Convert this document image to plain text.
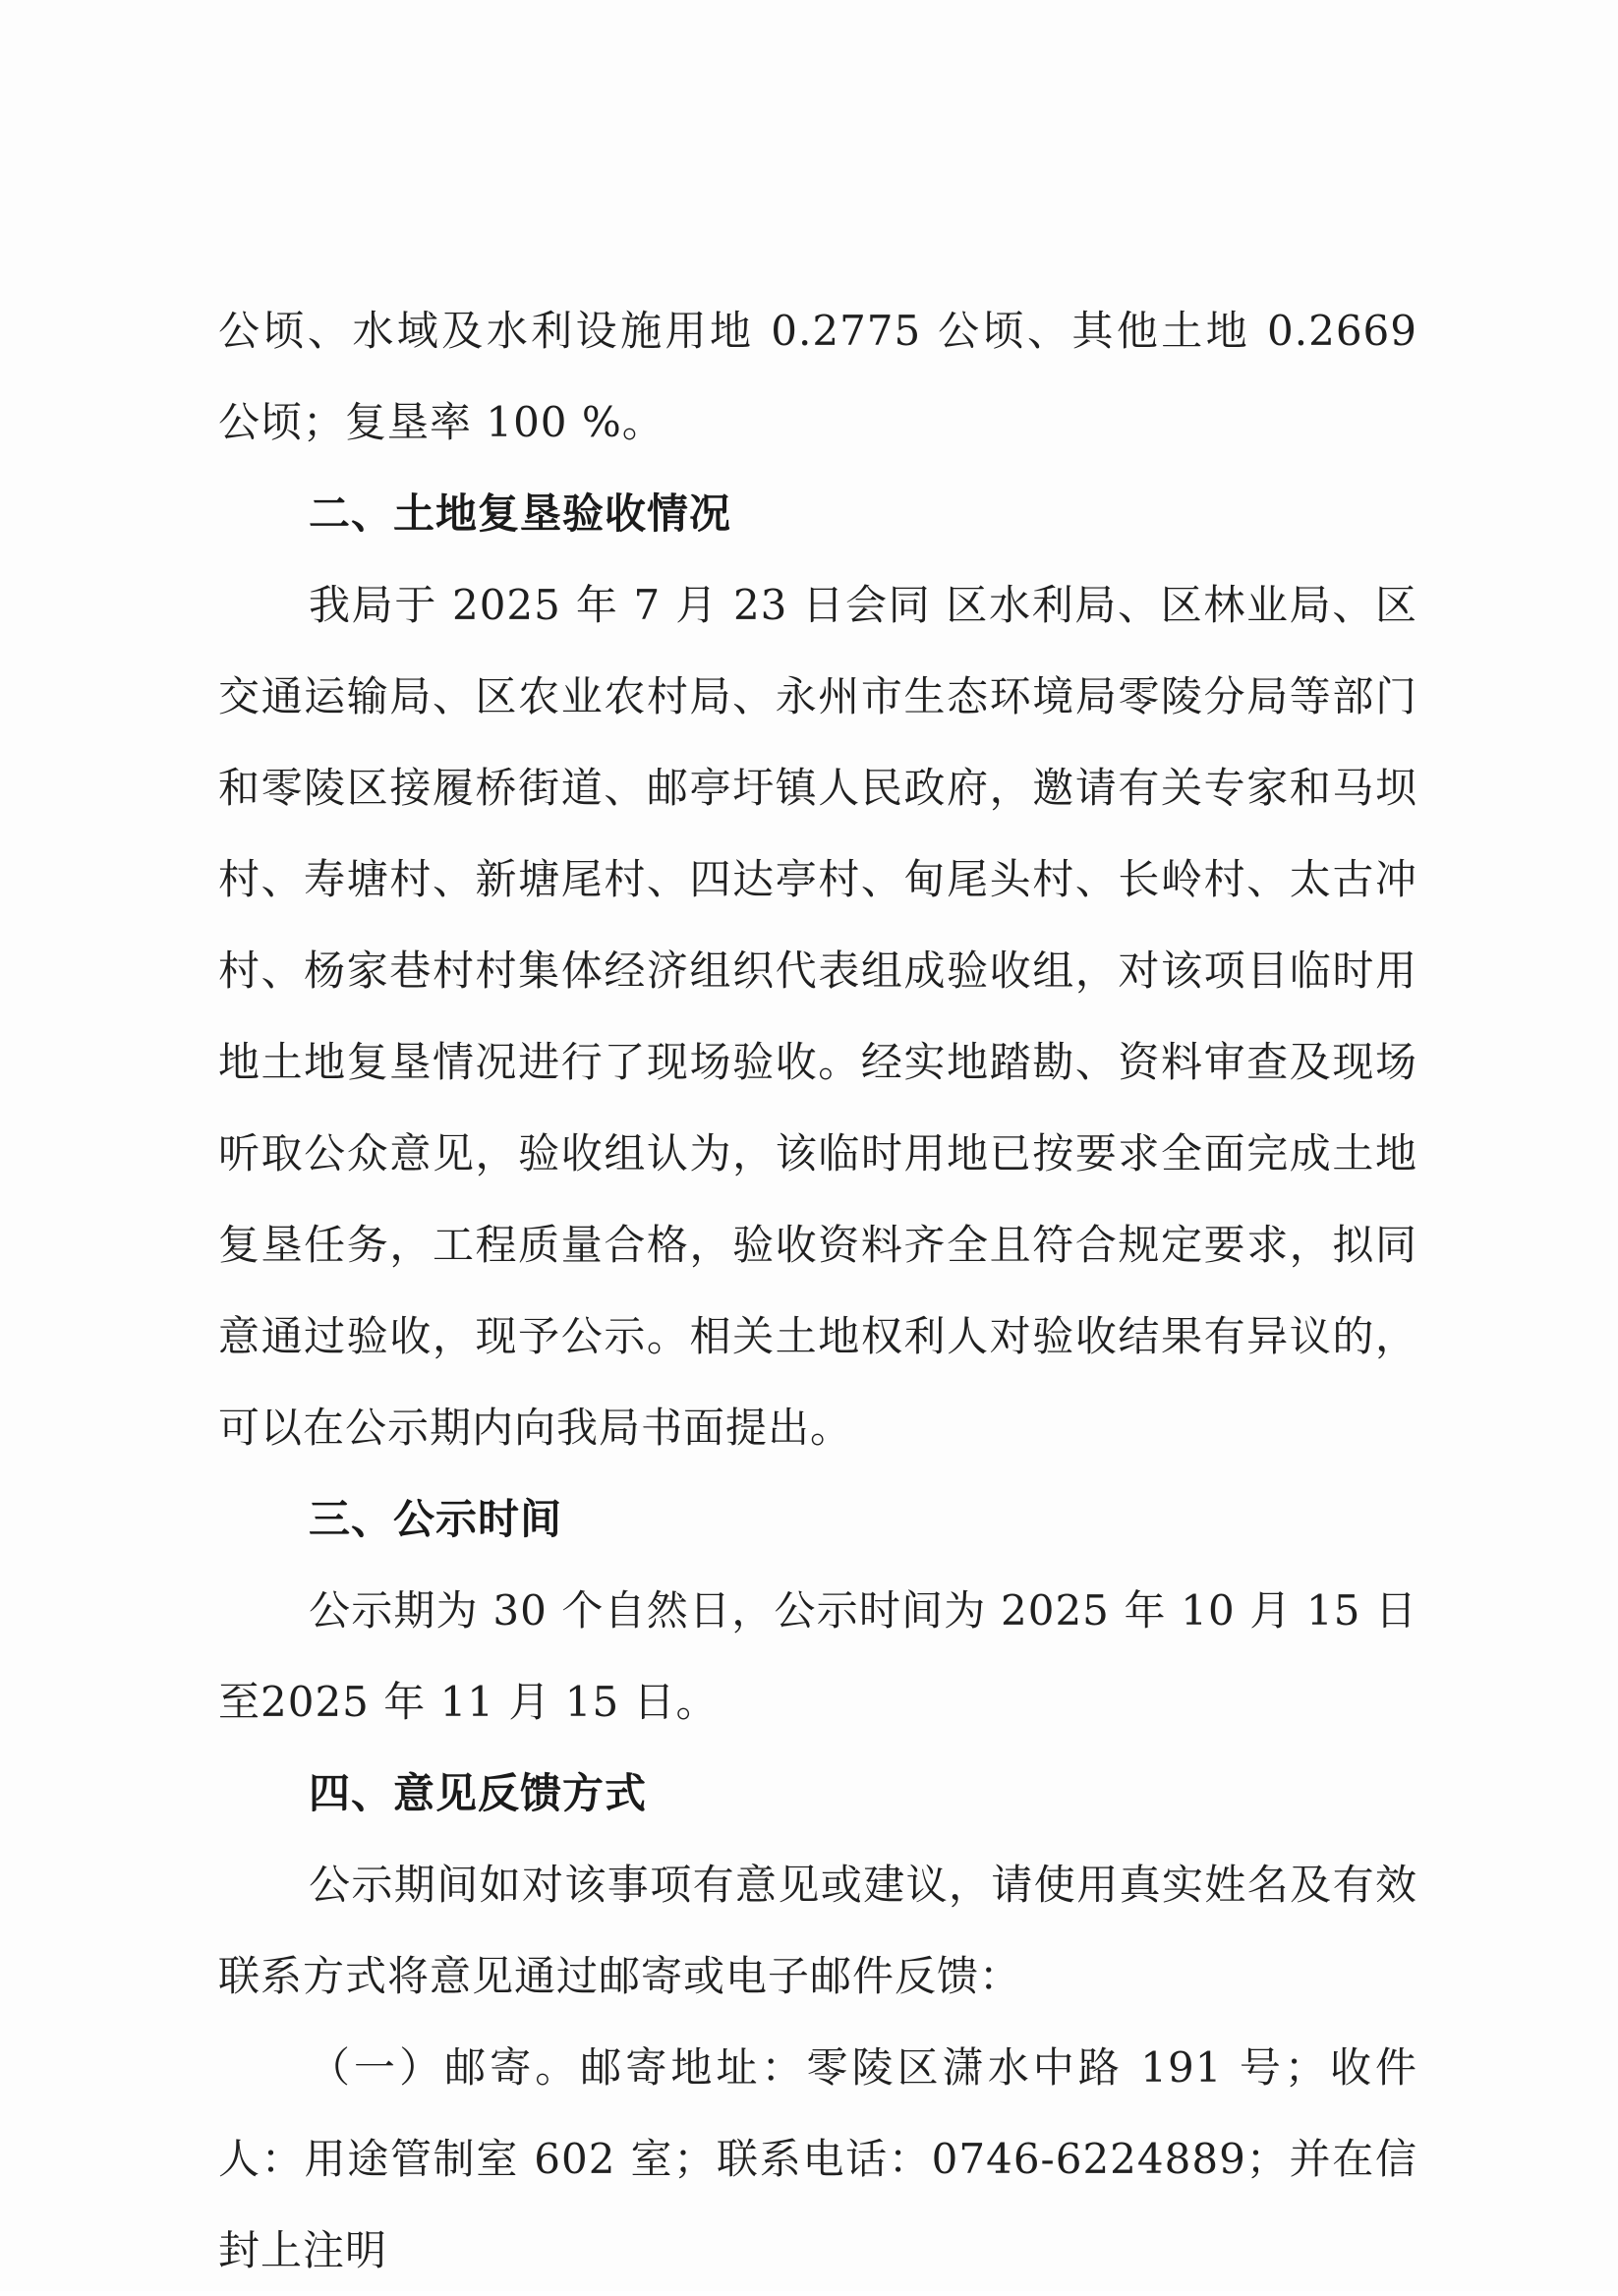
公顷、水域及水利设施用地 0.2775 公顷、其他土地 0.2669 公顷；复垦率 100 %。

二、土地复垦验收情况

我局于 2025 年 7 月 23 日会同 区水利局、区林业局、区交通运输局、区农业农村局、永州市生态环境局零陵分局等部门和零陵区接履桥街道、邮亭圩镇人民政府，邀请有关专家和马坝村、寿塘村、新塘尾村、四达亭村、甸尾头村、长岭村、太古冲村、杨家巷村村集体经济组织代表组成验收组，对该项目临时用地土地复垦情况进行了现场验收。经实地踏勘、资料审查及现场听取公众意见，验收组认为，该临时用地已按要求全面完成土地复垦任务，工程质量合格，验收资料齐全且符合规定要求，拟同意通过验收，现予公示。相关土地权利人对验收结果有异议的，可以在公示期内向我局书面提出。

三、公示时间

公示期为 30 个自然日，公示时间为 2025 年 10 月 15 日至2025 年 11 月 15 日。

四、意见反馈方式

公示期间如对该事项有意见或建议，请使用真实姓名及有效联系方式将意见通过邮寄或电子邮件反馈：

（一）邮寄。邮寄地址：零陵区潇水中路 191 号；收件人：用途管制室 602 室；联系电话：0746-6224889；并在信封上注明
